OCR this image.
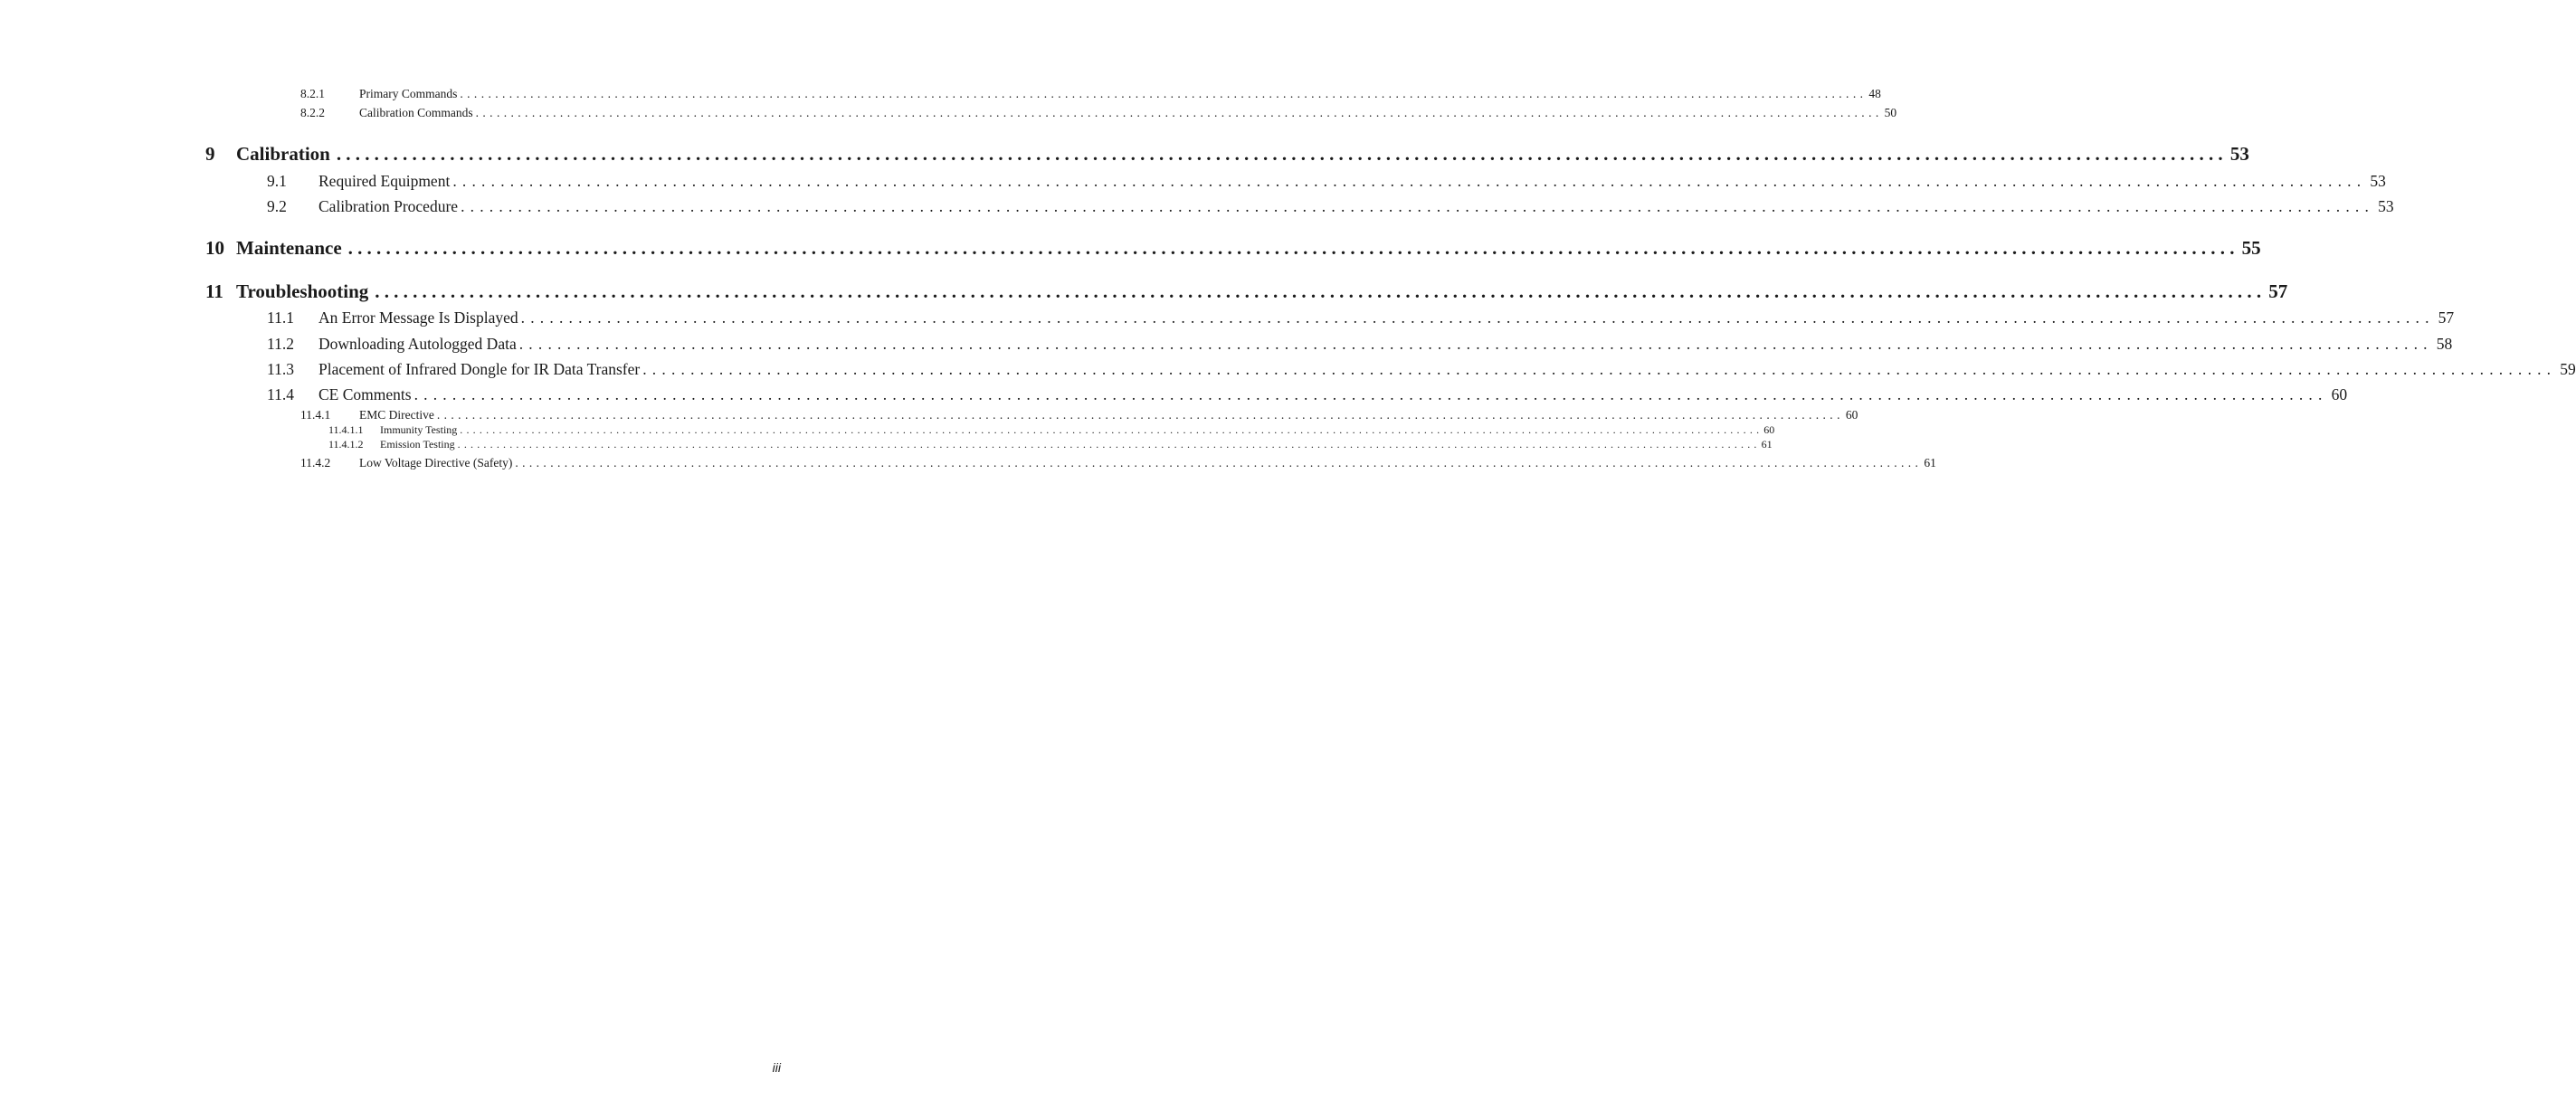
8.2.1	Primary Commands ........................................................................................................................................................................................................ 48
8.2.2	Calibration Commands ........................................................................................................................................................................................................ 50
9	Calibration ........................................................................................................................................................................................................ 53
9.1	Required Equipment ........................................................................................................................................................................................................ 53
9.2	Calibration Procedure ........................................................................................................................................................................................................ 53
10 Maintenance ........................................................................................................................................................................................................ 55
11 Troubleshooting ........................................................................................................................................................................................................ 57
11.1	An Error Message Is Displayed ........................................................................................................................................................................................................ 57
11.2	Downloading Autologged Data ........................................................................................................................................................................................................ 58
11.3	Placement of Infrared Dongle for IR Data Transfer ........................................................................................................................................................................................................ 59
11.4	CE Comments ........................................................................................................................................................................................................ 60
11.4.1	EMC Directive ........................................................................................................................................................................................................ 60
11.4.1.1	Immunity Testing ........................................................................................................................................................................................................ 60
11.4.1.2	Emission Testing ........................................................................................................................................................................................................ 61
11.4.2	Low Voltage Directive (Safety) ........................................................................................................................................................................................................ 61
iii
